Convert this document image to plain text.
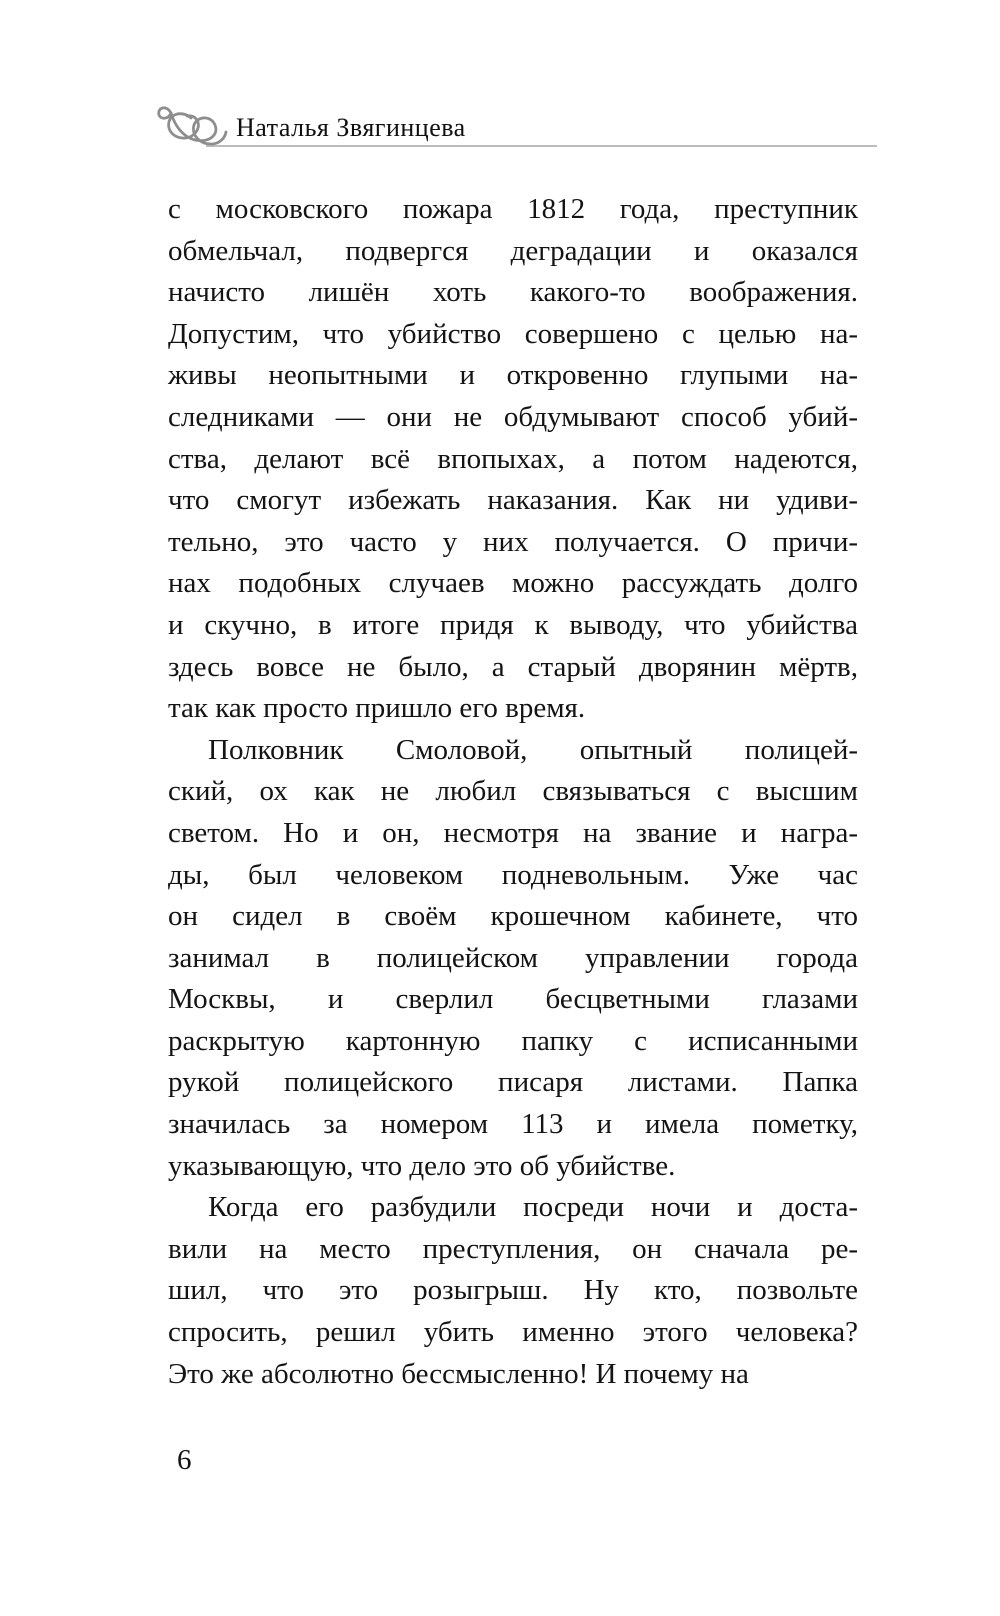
Наталья Звягинцева
с московского пожара 1812 года, преступник
обмельчал, подвергся деградации и оказался
начисто лишён хоть какого-то воображения.
Допустим, что убийство совершено с целью на-
живы неопытными и откровенно глупыми на-
следниками — они не обдумывают способ убий-
ства, делают всё впопыхах, а потом надеются,
что смогут избежать наказания. Как ни удиви-
тельно, это часто у них получается. О причи-
нах подобных случаев можно рассуждать долго
и скучно, в итоге придя к выводу, что убийства
здесь вовсе не было, а старый дворянин мёртв,
так как просто пришло его время.
Полковник Смоловой, опытный полицей-
ский, ох как не любил связываться с высшим
светом. Но и он, несмотря на звание и награ-
ды, был человеком подневольным. Уже час
он сидел в своём крошечном кабинете, что
занимал в полицейском управлении города
Москвы, и сверлил бесцветными глазами
раскрытую картонную папку с исписанными
рукой полицейского писаря листами. Папка
значилась за номером 113 и имела пометку,
указывающую, что дело это об убийстве.
Когда его разбудили посреди ночи и доста-
вили на место преступления, он сначала ре-
шил, что это розыгрыш. Ну кто, позвольте
спросить, решил убить именно этого человека?
Это же абсолютно бессмысленно! И почему на
6
